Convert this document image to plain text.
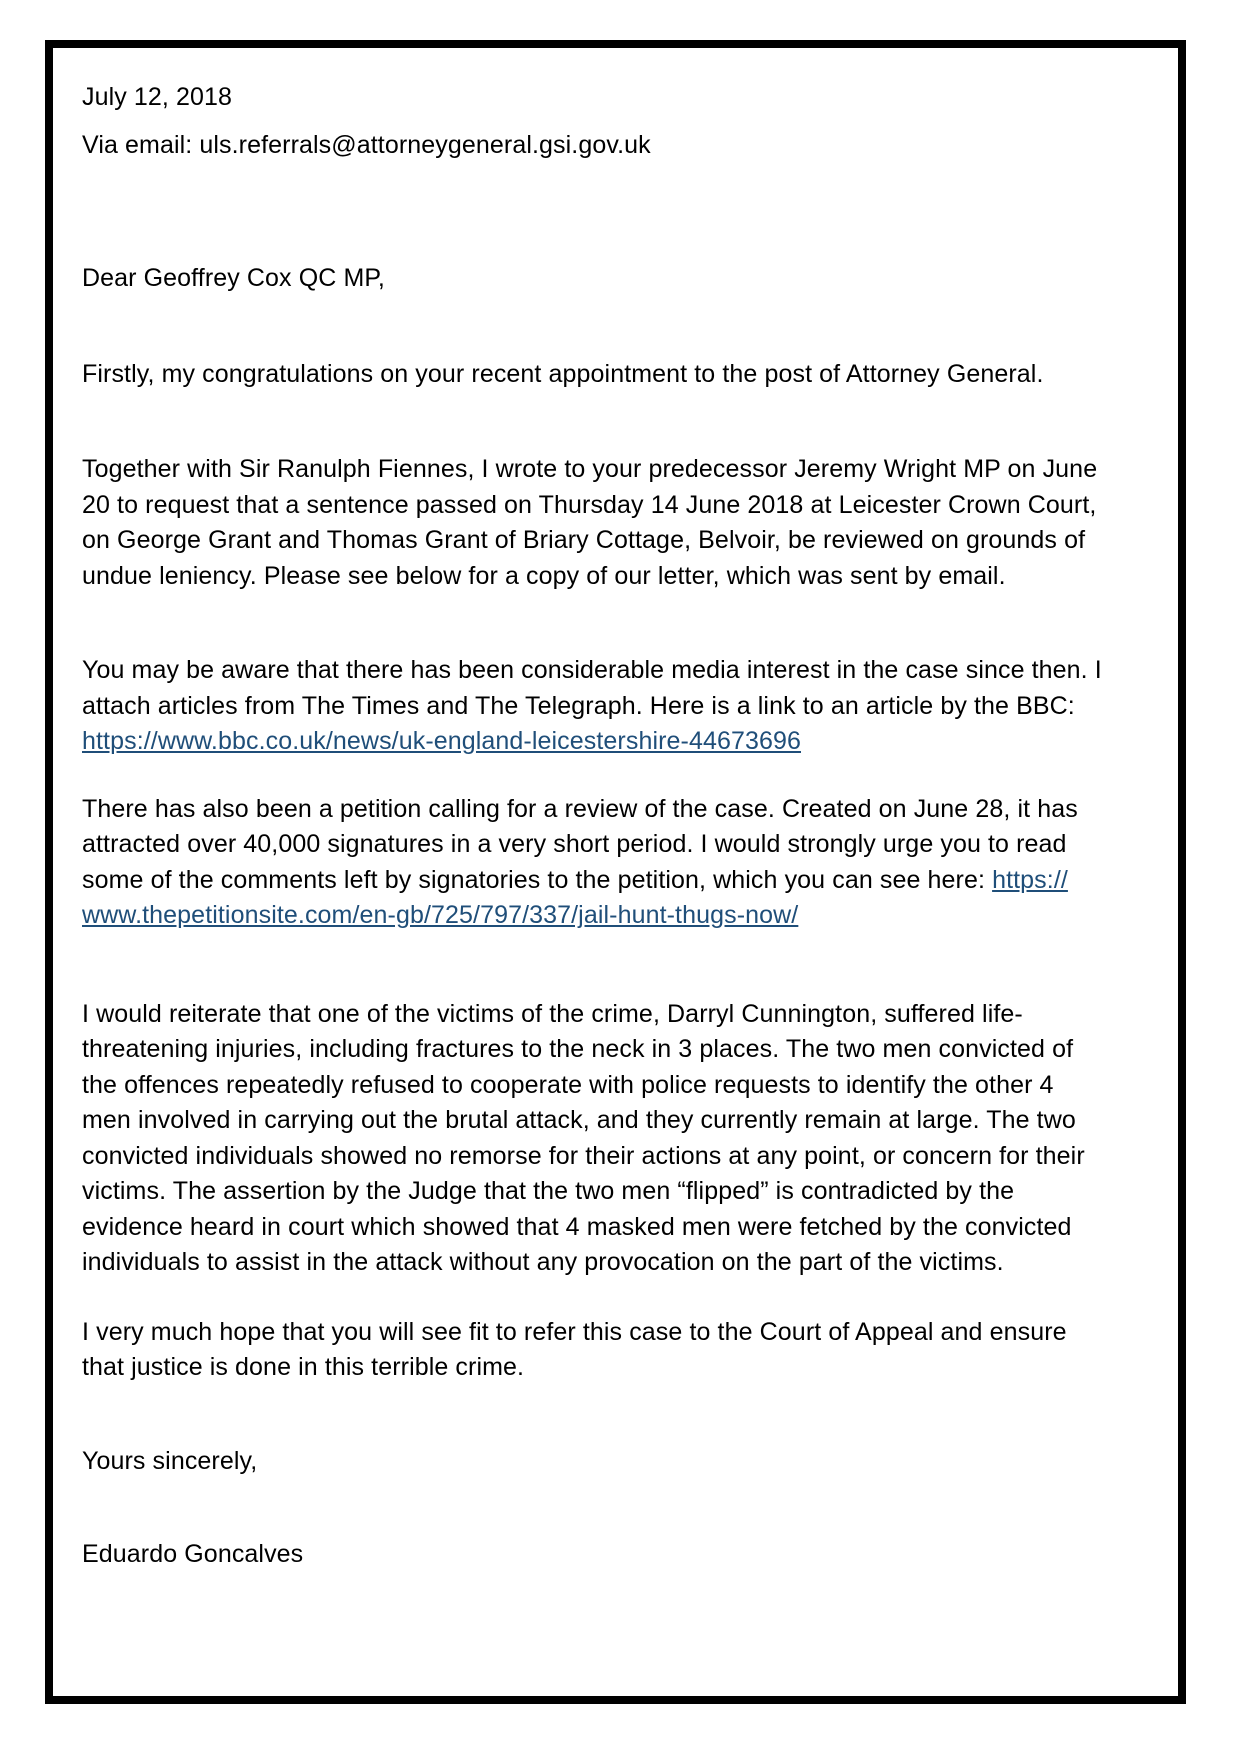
July 12, 2018

Via email: uls.referrals@attorneygeneral.gsi.gov.uk

Dear Geoffrey Cox QC MP,

Firstly, my congratulations on your recent appointment to the post of Attorney General.

Together with Sir Ranulph Fiennes, I wrote to your predecessor Jeremy Wright MP on June

20 to request that a sentence passed on Thursday 14 June 2018 at Leicester Crown Court,

on George Grant and Thomas Grant of Briary Cottage, Belvoir, be reviewed on grounds of

undue leniency. Please see below for a copy of our letter, which was sent by email.

You may be aware that there has been considerable media interest in the case since then. I

attach articles from The Times and The Telegraph. Here is a link to an article by the BBC:

https://www.bbc.co.uk/news/uk-england-leicestershire-44673696

There has also been a petition calling for a review of the case. Created on June 28, it has

attracted over 40,000 signatures in a very short period. I would strongly urge you to read

some of the comments left by signatories to the petition, which you can see here: https://

www.thepetitionsite.com/en-gb/725/797/337/jail-hunt-thugs-now/

I would reiterate that one of the victims of the crime, Darryl Cunnington, suffered life-

threatening injuries, including fractures to the neck in 3 places. The two men convicted of

the offences repeatedly refused to cooperate with police requests to identify the other 4

men involved in carrying out the brutal attack, and they currently remain at large. The two

convicted individuals showed no remorse for their actions at any point, or concern for their

victims. The assertion by the Judge that the two men “flipped” is contradicted by the

evidence heard in court which showed that 4 masked men were fetched by the convicted

individuals to assist in the attack without any provocation on the part of the victims.

I very much hope that you will see fit to refer this case to the Court of Appeal and ensure

that justice is done in this terrible crime.

Yours sincerely,

Eduardo Goncalves
